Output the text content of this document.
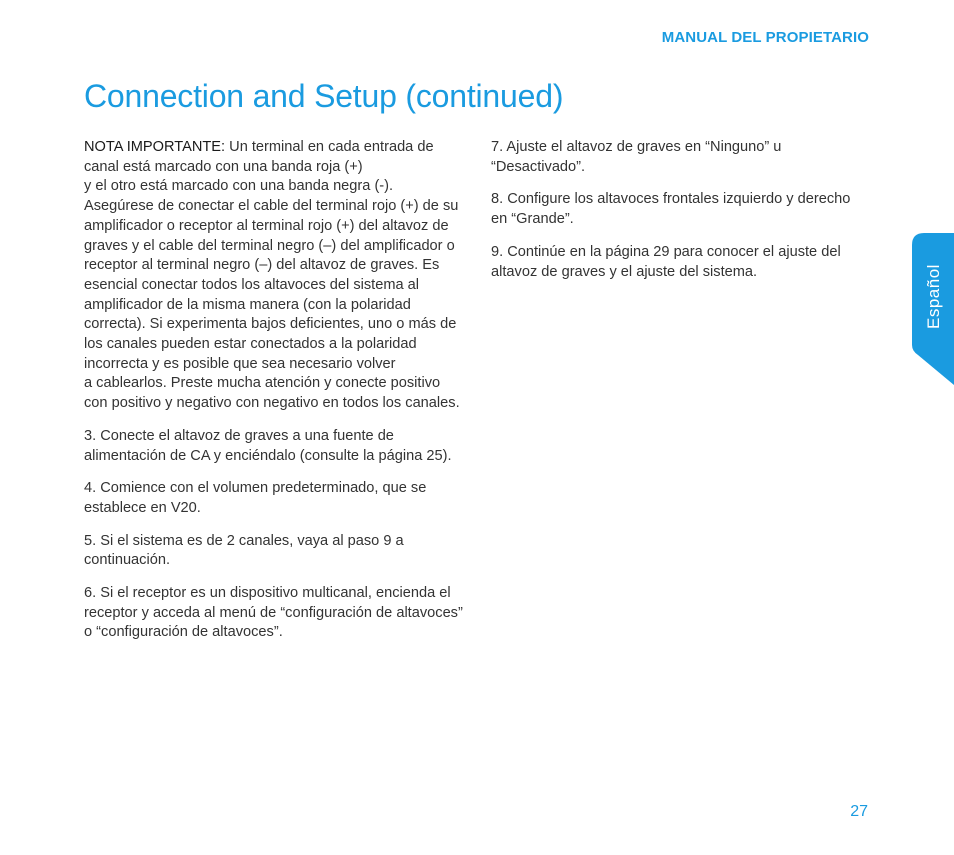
MANUAL DEL PROPIETARIO
Connection and Setup (continued)

NOTA IMPORTANTE: Un terminal en cada entrada de canal está marcado con una banda roja (+)
y el otro está marcado con una banda negra (-). Asegúrese de conectar el cable del terminal rojo (+) de su amplificador o receptor al terminal rojo (+) del altavoz de graves y el cable del terminal negro (–) del amplificador o receptor al terminal negro (–) del altavoz de graves. Es esencial conectar todos los altavoces del sistema al amplificador de la misma manera (con la polaridad correcta). Si experimenta bajos deficientes, uno o más de los canales pueden estar conectados a la polaridad incorrecta y es posible que sea necesario volver
a cablearlos. Preste mucha atención y conecte positivo con positivo y negativo con negativo en todos los canales.

3. Conecte el altavoz de graves a una fuente de alimentación de CA y enciéndalo (consulte la página 25).

4. Comience con el volumen predeterminado, que se establece en V20.

5. Si el sistema es de 2 canales, vaya al paso 9 a continuación.

6. Si el receptor es un dispositivo multicanal, encienda el receptor y acceda al menú de “configuración de altavoces” o “configuración de altavoces”.

7. Ajuste el altavoz de graves en “Ninguno” u “Desactivado”.

8. Configure los altavoces frontales izquierdo y derecho en “Grande”.

9. Continúe en la página 29 para conocer el ajuste del altavoz de graves y el ajuste del sistema.	Español
27
